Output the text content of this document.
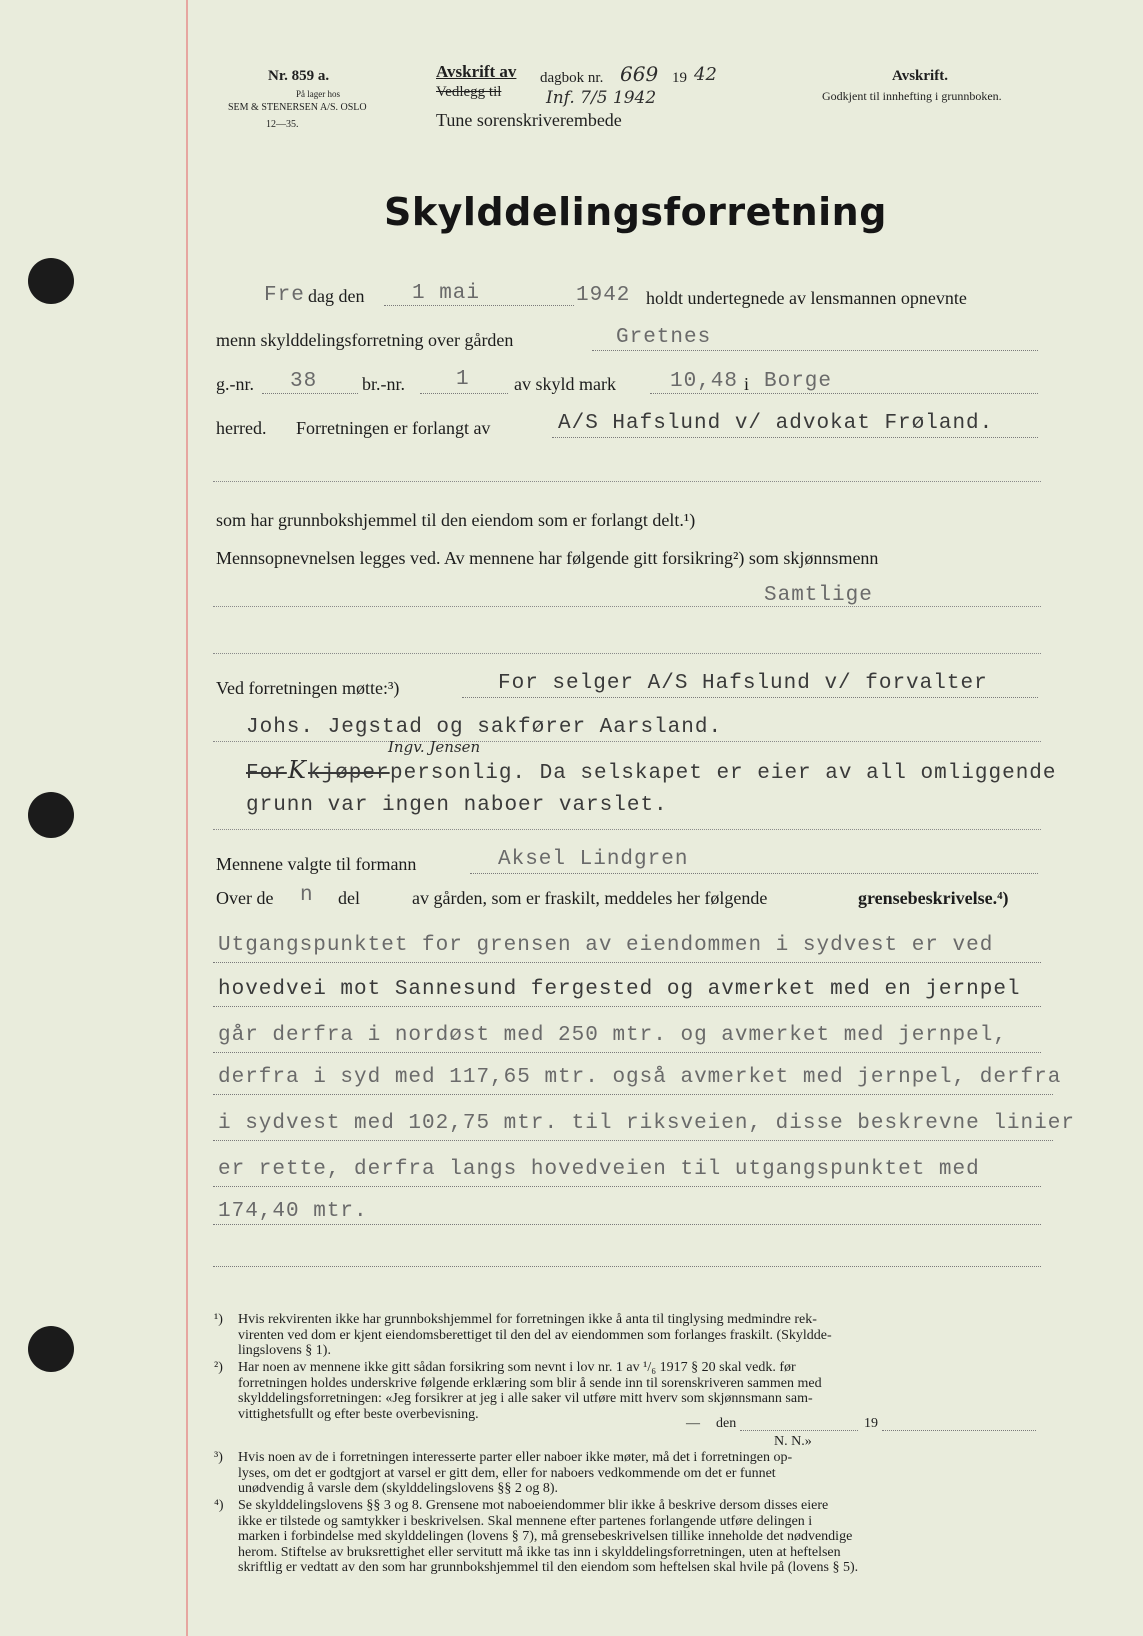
Nr. 859 a.
På lager hos
SEM & STENERSEN A/S. OSLO
12—35.
Avskrift av
Vedlegg til
dagbok nr. 669 19 42
Inf. 7/5 1942
Tune sorenskriverembede
Avskrift.
Godkjent til innhefting i grunnboken.
Skylddelingsforretning
Fre dag den 1 mai	1942 holdt undertegnede av lensmannen opnevnte
menn skylddelingsforretning over gården	Gretnes
g.-nr. 38 br.-nr. 1 av skyld mark	10,48 i Borge
herred. Forretningen er forlangt av	A/S Hafslund v/ advokat Frøland.
som har grunnbokshjemmel til den eiendom som er forlangt delt.¹)
Mennsopnevnelsen legges ved. Av mennene har følgende gitt forsikring²) som skjønnsmenn
Samtlige
Ved forretningen møtte:³)	For selger A/S Hafslund v/ forvalter
Johs. Jegstad og sakfører Aarsland.
Ingv. Jensen
For K kjøper personlig. Da selskapet er eier av all omliggende
grunn var ingen naboer varslet.
Mennene valgte til formann	Aksel Lindgren
Over de n del	av gården, som er fraskilt, meddeles her følgende	grensebeskrivelse.⁴)
Utgangspunktet for grensen av eiendommen i sydvest er ved
hovedvei mot Sannesund fergested og avmerket med en jernpel
går derfra i nordøst med 250 mtr. og avmerket med jernpel,
derfra i syd med 117,65 mtr. også avmerket med jernpel, derfra
i sydvest med 102,75 mtr. til riksveien, disse beskrevne linier
er rette, derfra langs hovedveien til utgangspunktet med
174,40 mtr.
¹) Hvis rekvirenten ikke har grunnbokshjemmel for forretningen ikke å anta til tinglysing medmindre rek-
virenten ved dom er kjent eiendomsberettiget til den del av eiendommen som forlanges fraskilt. (Skyldde-
lingslovens § 1).
²) Har noen av mennene ikke gitt sådan forsikring som nevnt i lov nr. 1 av ¹/₆ 1917 § 20 skal vedk. før
forretningen holdes underskrive følgende erklæring som blir å sende inn til sorenskriveren sammen med
skylddelingsforretningen: «Jeg forsikrer at jeg i alle saker vil utføre mitt hverv som skjønnsmann sam-
vittighetsfullt og efter beste overbevisning.
— den	19
N. N.»
³) Hvis noen av de i forretningen interesserte parter eller naboer ikke møter, må det i forretningen op-
lyses, om det er godtgjort at varsel er gitt dem, eller for naboers vedkommende om det er funnet
unødvendig å varsle dem (skylddelingslovens §§ 2 og 8).
⁴) Se skylddelingslovens §§ 3 og 8. Grensene mot naboeiendommer blir ikke å beskrive dersom disses eiere
ikke er tilstede og samtykker i beskrivelsen. Skal mennene efter partenes forlangende utføre delingen i
marken i forbindelse med skylddelingen (lovens § 7), må grensebeskrivelsen tillike inneholde det nødvendige
herom. Stiftelse av bruksrettighet eller servitutt må ikke tas inn i skylddelingsforretningen, uten at heftelsen
skriftlig er vedtatt av den som har grunnbokshjemmel til den eiendom som heftelsen skal hvile på (lovens § 5).
